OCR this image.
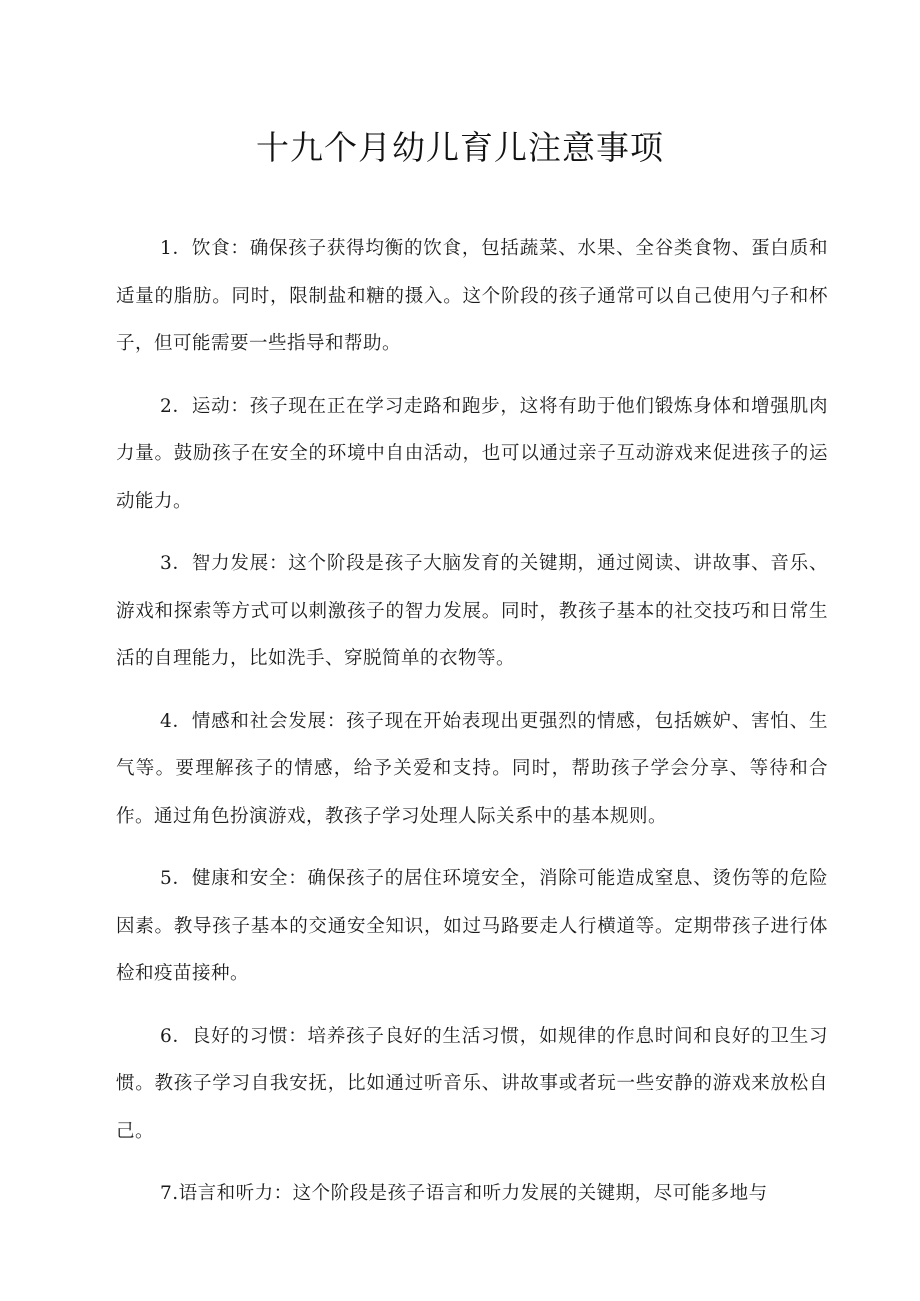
十九个月幼儿育儿注意事项

1．饮食：确保孩子获得均衡的饮食，包括蔬菜、水果、全谷类食物、蛋白质和适量的脂肪。同时，限制盐和糖的摄入。这个阶段的孩子通常可以自己使用勺子和杯子，但可能需要一些指导和帮助。

2．运动：孩子现在正在学习走路和跑步，这将有助于他们锻炼身体和增强肌肉力量。鼓励孩子在安全的环境中自由活动，也可以通过亲子互动游戏来促进孩子的运动能力。

3．智力发展：这个阶段是孩子大脑发育的关键期，通过阅读、讲故事、音乐、游戏和探索等方式可以刺激孩子的智力发展。同时，教孩子基本的社交技巧和日常生活的自理能力，比如洗手、穿脱简单的衣物等。

4．情感和社会发展：孩子现在开始表现出更强烈的情感，包括嫉妒、害怕、生气等。要理解孩子的情感，给予关爱和支持。同时，帮助孩子学会分享、等待和合作。通过角色扮演游戏，教孩子学习处理人际关系中的基本规则。

5．健康和安全：确保孩子的居住环境安全，消除可能造成窒息、烫伤等的危险因素。教导孩子基本的交通安全知识，如过马路要走人行横道等。定期带孩子进行体检和疫苗接种。

6．良好的习惯：培养孩子良好的生活习惯，如规律的作息时间和良好的卫生习惯。教孩子学习自我安抚，比如通过听音乐、讲故事或者玩一些安静的游戏来放松自己。

7.语言和听力：这个阶段是孩子语言和听力发展的关键期，尽可能多地与
